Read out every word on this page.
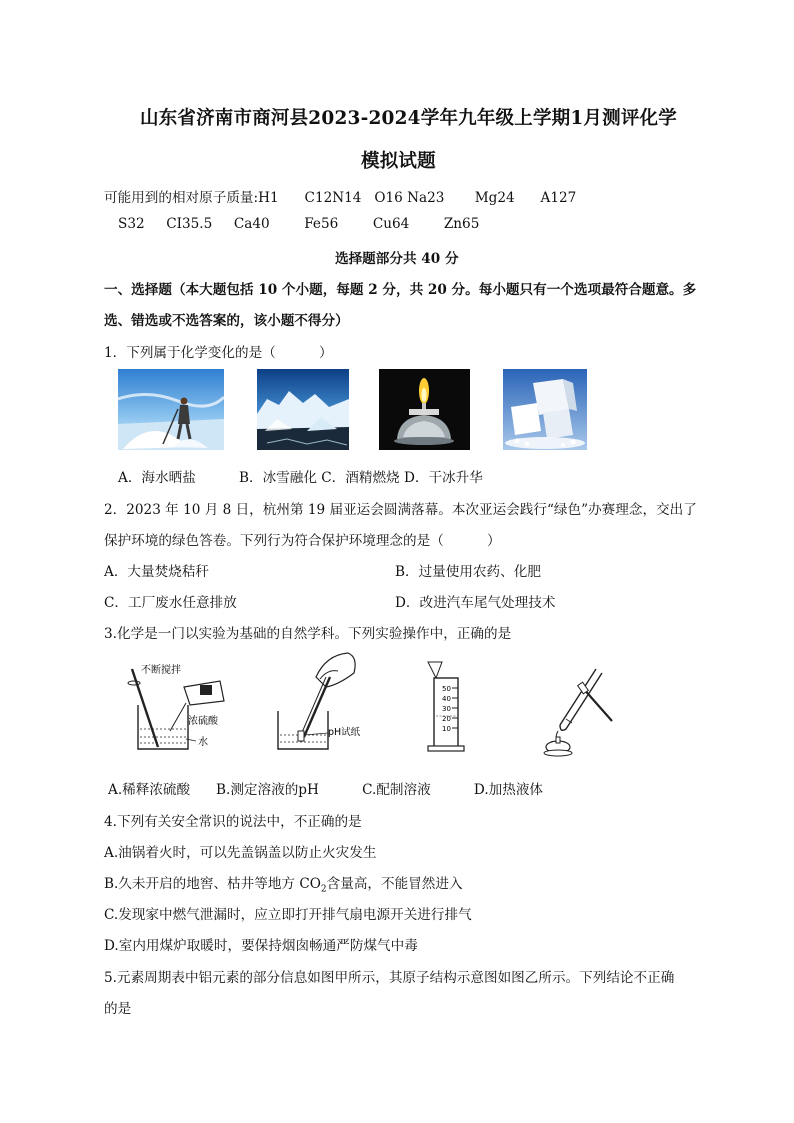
山东省济南市商河县2023-2024学年九年级上学期1月测评化学
模拟试题
可能用到的相对原子质量:H1      C12N14   O16 Na23       Mg24      A127
S32     CI35.5     Ca40        Fe56        Cu64        Zn65
选择题部分共 40 分
一、选择题（本大题包括 10 个小题，每题 2 分，共 20 分。每小题只有一个选项最符合题意。多
选、错选或不选答案的，该小题不得分）
1．下列属于化学变化的是（          ）
A．海水晒盐          B．冰雪融化 C．酒精燃烧 D．干冰升华
2．2023 年 10 月 8 日，杭州第 19 届亚运会圆满落幕。本次亚运会践行“绿色”办赛理念，交出了
保护环境的绿色答卷。下列行为符合保护环境理念的是（          ）
A．大量焚烧秸秆	B．过量使用农药、化肥
C．工厂废水任意排放	D．改进汽车尾气处理技术
3.化学是一门以实验为基础的自然学科。下列实验操作中，正确的是
不断搅拌
浓硫酸
水
pH试纸
50
40
30
20
10
A.稀释浓硫酸      B.测定溶液的pH          C.配制溶液          D.加热液体
4.下列有关安全常识的说法中，不正确的是
A.油锅着火时，可以先盖锅盖以防止火灾发生
B.久未开启的地窖、枯井等地方 $CO_2$含量高，不能冒然进入
C.发现家中燃气泄漏时，应立即打开排气扇电源开关进行排气
D.室内用煤炉取暖时，要保持烟囱畅通严防煤气中毒
5.元素周期表中铝元素的部分信息如图甲所示，其原子结构示意图如图乙所示。下列结论不正确
的是
